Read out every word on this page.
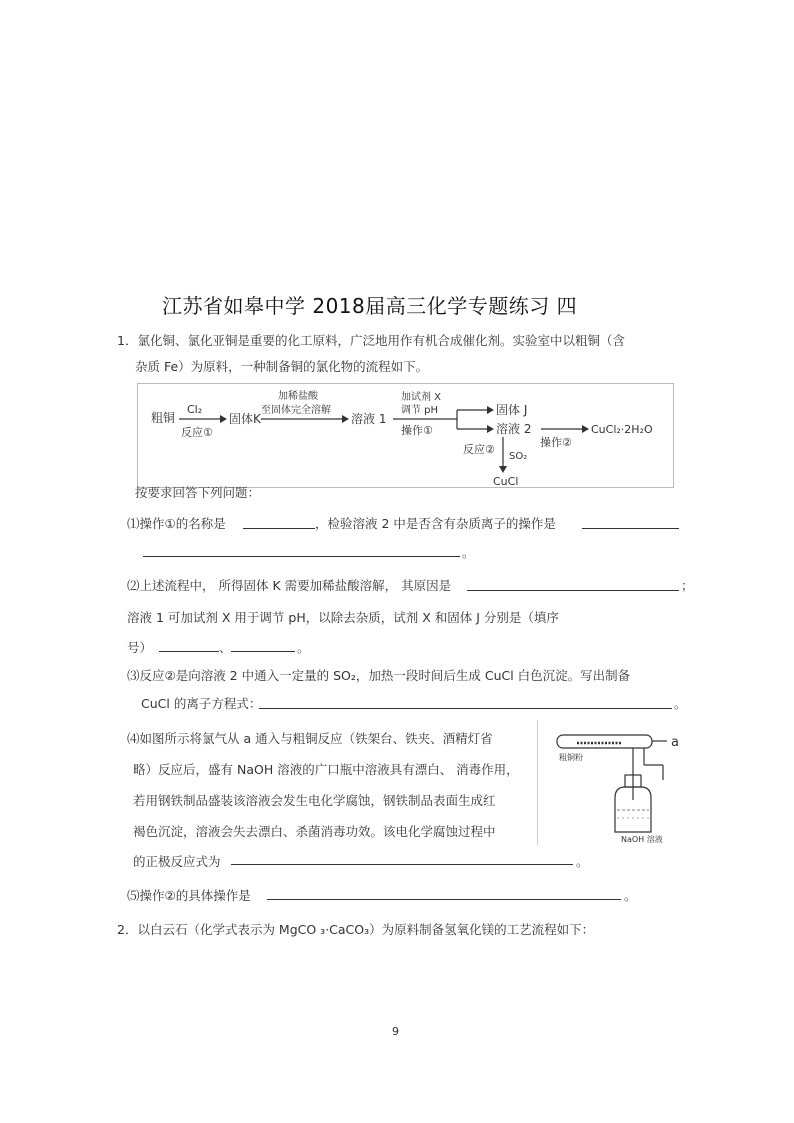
江苏省如皋中学 2018届高三化学专题练习 四
1．氯化铜、氯化亚铜是重要的化工原料，广泛地用作有机合成催化剂。实验室中以粗铜（含
杂质 Fe）为原料，一种制备铜的氯化物的流程如下。
粗铜
Cl₂
反应①
固体K
加稀盐酸
至固体完全溶解
溶液 1
加试剂 X
调节 pH
操作①
固体 J
溶液 2
操作②
CuCl₂·2H₂O
反应②
SO₂
CuCl
按要求回答下列问题：
⑴操作①的名称是	，检验溶液 2 中是否含有杂质离子的操作是
。
⑵上述流程中， 所得固体 K 需要加稀盐酸溶解， 其原因是	；
溶液 1 可加试剂 X 用于调节 pH，以除去杂质，试剂 X 和固体 J 分别是（填序
号）	、	。
⑶反应②是向溶液 2 中通入一定量的 SO₂，加热一段时间后生成 CuCl 白色沉淀。写出制备
CuCl 的离子方程式：	。
⑷如图所示将氯气从 a 通入与粗铜反应（铁架台、铁夹、酒精灯省
略）反应后，盛有 NaOH 溶液的广口瓶中溶液具有漂白、 消毒作用，
若用钢铁制品盛装该溶液会发生电化学腐蚀，钢铁制品表面生成红
褐色沉淀，溶液会失去漂白、杀菌消毒功效。该电化学腐蚀过程中
的正极反应式为	。
粗铜粉
a
NaOH 溶液
⑸操作②的具体操作是	。
2．以白云石（化学式表示为 MgCO ₃·CaCO₃）为原料制备氢氧化镁的工艺流程如下：
9
